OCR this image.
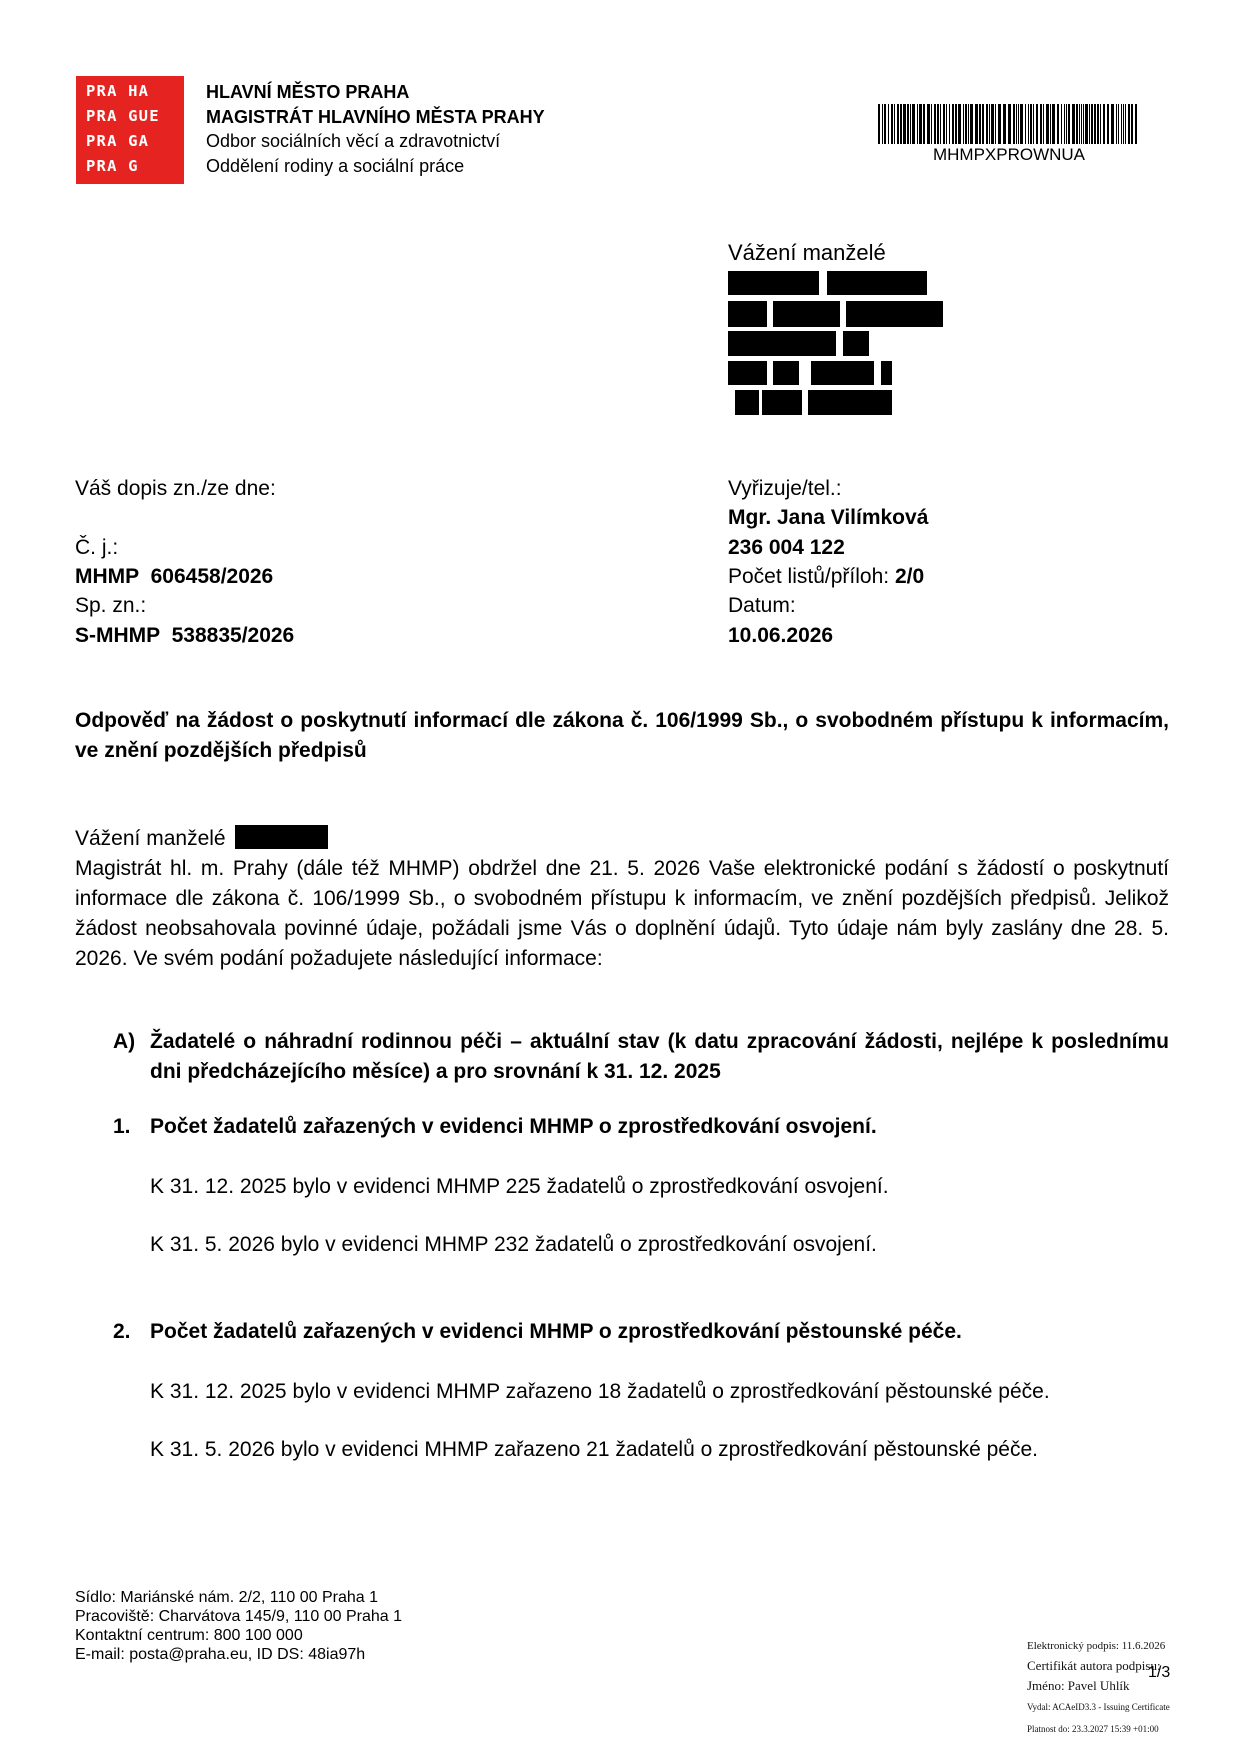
PRA HA
PRA GUE
PRA GA
PRA G
HLAVNÍ MĚSTO PRAHA
MAGISTRÁT HLAVNÍHO MĚSTA PRAHY
Odbor sociálních věcí a zdravotnictví
Oddělení rodiny a sociální práce
MHMPXPROWNUA
Vážení manželé
Váš dopis zn./ze dne:
Č. j.:
MHMP 606458/2026
Sp. zn.:
S-MHMP 538835/2026
Vyřizuje/tel.:
Mgr. Jana Vilímková
236 004 122
Počet listů/příloh: 2/0
Datum:
10.06.2026
Odpověď na žádost o poskytnutí informací dle zákona č. 106/1999 Sb., o svobodném přístupu k informacím, ve znění pozdějších předpisů
Vážení manželé
Magistrát hl. m. Prahy (dále též MHMP) obdržel dne 21. 5. 2026 Vaše elektronické podání s žádostí o poskytnutí informace dle zákona č. 106/1999 Sb., o svobodném přístupu k informacím, ve znění pozdějších předpisů. Jelikož žádost neobsahovala povinné údaje, požádali jsme Vás o doplnění údajů. Tyto údaje nám byly zaslány dne 28. 5. 2026. Ve svém podání požadujete následující informace:
A) Žadatelé o náhradní rodinnou péči – aktuální stav (k datu zpracování žádosti, nejlépe k poslednímu dni předcházejícího měsíce) a pro srovnání k 31. 12. 2025
1. Počet žadatelů zařazených v evidenci MHMP o zprostředkování osvojení.
K 31. 12. 2025 bylo v evidenci MHMP 225 žadatelů o zprostředkování osvojení.
K 31. 5. 2026 bylo v evidenci MHMP 232 žadatelů o zprostředkování osvojení.
2. Počet žadatelů zařazených v evidenci MHMP o zprostředkování pěstounské péče.
K 31. 12. 2025 bylo v evidenci MHMP zařazeno 18 žadatelů o zprostředkování pěstounské péče.
K 31. 5. 2026 bylo v evidenci MHMP zařazeno 21 žadatelů o zprostředkování pěstounské péče.
Sídlo: Mariánské nám. 2/2, 110 00 Praha 1
Pracoviště: Charvátova 145/9, 110 00 Praha 1
Kontaktní centrum: 800 100 000
E-mail: posta@praha.eu, ID DS: 48ia97h	Elektronický podpis: 11.6.2026
Certifikát autora podpisu:
Jméno: Pavel Uhlík
Vydal: ACAeID3.3 - Issuing Certificate
Platnost do: 23.3.2027 15:39 +01:00
1/3
